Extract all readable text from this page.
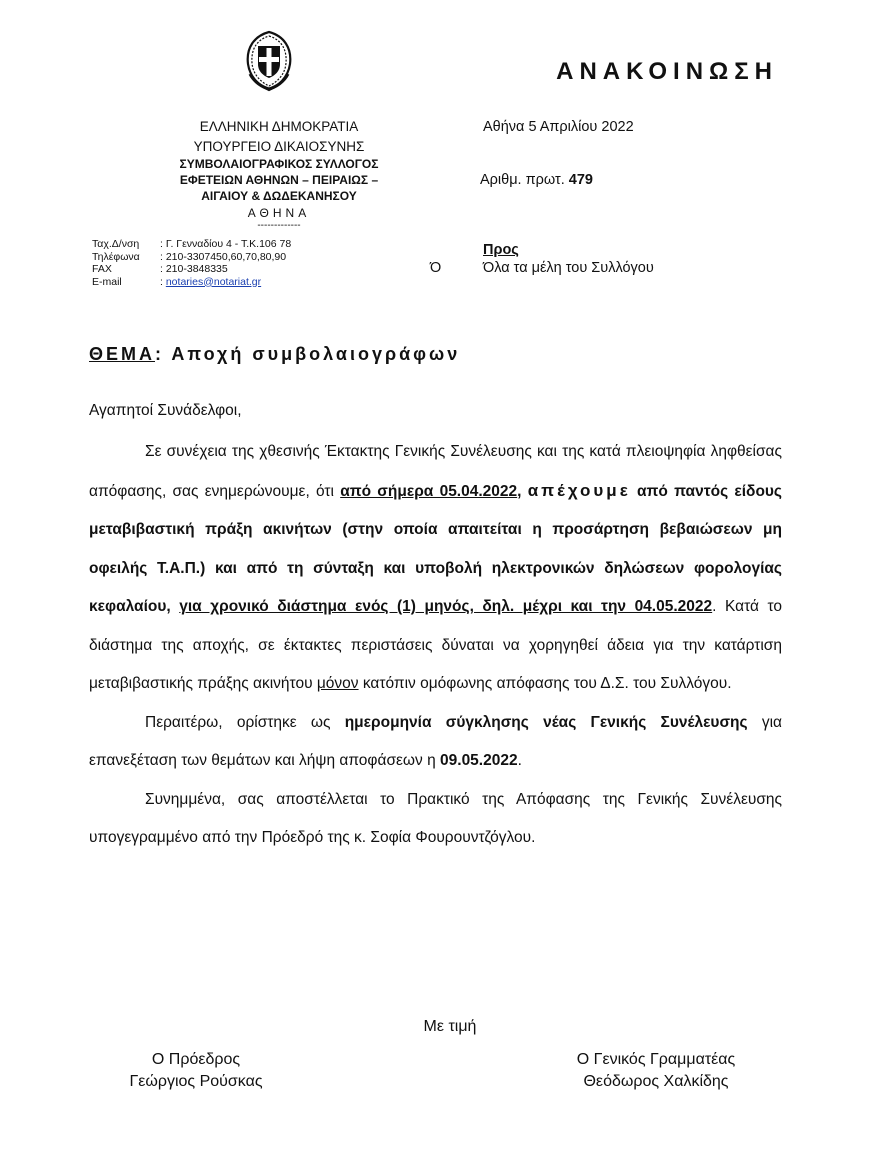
ΑΝΑΚΟΙΝΩΣΗ
ΕΛΛΗΝΙΚΗ ΔΗΜΟΚΡΑΤΙΑ
ΥΠΟΥΡΓΕΙΟ ΔΙΚΑΙΟΣΥΝΗΣ
ΣΥΜΒΟΛΑΙΟΓΡΑΦΙΚΟΣ ΣΥΛΛΟΓΟΣ
ΕΦΕΤΕΙΩΝ ΑΘΗΝΩΝ – ΠΕΙΡΑΙΩΣ –
ΑΙΓΑΙΟΥ & ΔΩΔΕΚΑΝΗΣΟΥ
ΑΘΗΝΑ
-------------
Ταχ.Δ/νση	: Γ. Γενναδίου 4 - Τ.Κ.106 78
Τηλέφωνα	: 210-3307450,60,70,80,90
FAX	: 210-3848335
E-mail	: notaries@notariat.gr
Αθήνα 5 Απριλίου 2022
Αριθμ. πρωτ. 479
Προς
Ό	Όλα τα μέλη του Συλλόγου
ΘΕΜΑ: Αποχή συμβολαιογράφων
Αγαπητοί Συνάδελφοι,

Σε συνέχεια της χθεσινής Έκτακτης Γενικής Συνέλευσης και της κατά πλειοψηφία ληφθείσας απόφασης, σας ενημερώνουμε, ότι από σήμερα 05.04.2022, απέχουμε από παντός είδους μεταβιβαστική πράξη ακινήτων (στην οποία απαιτείται η προσάρτηση βεβαιώσεων μη οφειλής Τ.Α.Π.) και από τη σύνταξη και υποβολή ηλεκτρονικών δηλώσεων φορολογίας κεφαλαίου, για χρονικό διάστημα ενός (1) μηνός, δηλ. μέχρι και την 04.05.2022. Κατά το διάστημα της αποχής, σε έκτακτες περιστάσεις δύναται να χορηγηθεί άδεια για την κατάρτιση μεταβιβαστικής πράξης ακινήτου μόνον κατόπιν ομόφωνης απόφασης του Δ.Σ. του Συλλόγου.

Περαιτέρω, ορίστηκε ως ημερομηνία σύγκλησης νέας Γενικής Συνέλευσης για επανεξέταση των θεμάτων και λήψη αποφάσεων η 09.05.2022.

Συνημμένα, σας αποστέλλεται το Πρακτικό της Απόφασης της Γενικής Συνέλευσης υπογεγραμμένο από την Πρόεδρό της κ. Σοφία Φουρουντζόγλου.

Με τιμή
Ο Πρόεδρος
Γεώργιος Ρούσκας
Ο Γενικός Γραμματέας
Θεόδωρος Χαλκίδης
